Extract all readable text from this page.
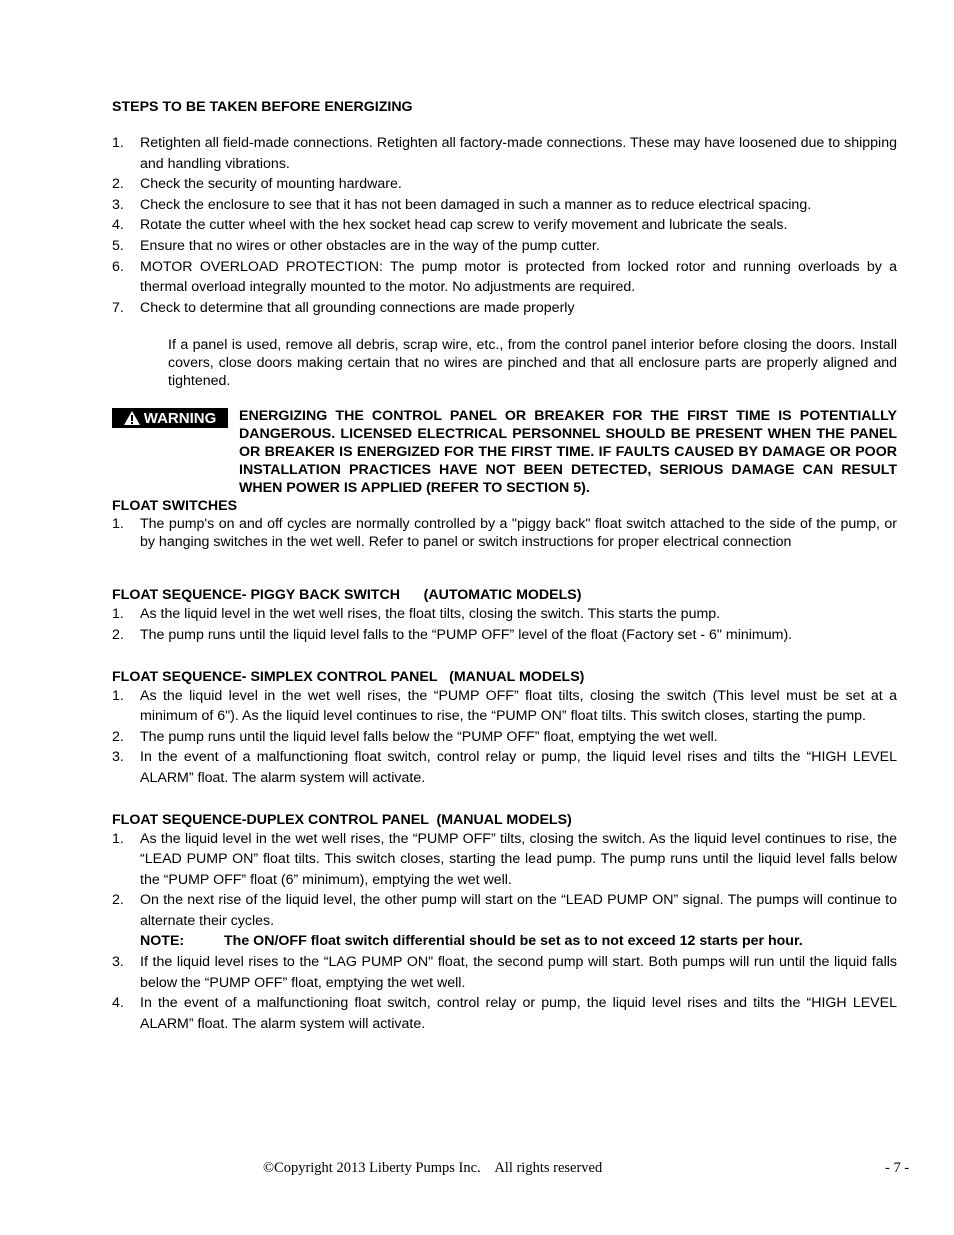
STEPS TO BE TAKEN BEFORE ENERGIZING

1. Retighten all field-made connections. Retighten all factory-made connections. These may have loosened due to shipping and handling vibrations.
2. Check the security of mounting hardware.
3. Check the enclosure to see that it has not been damaged in such a manner as to reduce electrical spacing.
4. Rotate the cutter wheel with the hex socket head cap screw to verify movement and lubricate the seals.
5. Ensure that no wires or other obstacles are in the way of the pump cutter.
6. MOTOR OVERLOAD PROTECTION: The pump motor is protected from locked rotor and running overloads by a thermal overload integrally mounted to the motor. No adjustments are required.
7. Check to determine that all grounding connections are made properly

If a panel is used, remove all debris, scrap wire, etc., from the control panel interior before closing the doors. Install covers, close doors making certain that no wires are pinched and that all enclosure parts are properly aligned and tightened.

WARNING ENERGIZING THE CONTROL PANEL OR BREAKER FOR THE FIRST TIME IS POTENTIALLY DANGEROUS. LICENSED ELECTRICAL PERSONNEL SHOULD BE PRESENT WHEN THE PANEL OR BREAKER IS ENERGIZED FOR THE FIRST TIME. IF FAULTS CAUSED BY DAMAGE OR POOR INSTALLATION PRACTICES HAVE NOT BEEN DETECTED, SERIOUS DAMAGE CAN RESULT WHEN POWER IS APPLIED (REFER TO SECTION 5).

FLOAT SWITCHES

1. The pump's on and off cycles are normally controlled by a "piggy back" float switch attached to the side of the pump, or by hanging switches in the wet well. Refer to panel or switch instructions for proper electrical connection

FLOAT SEQUENCE- PIGGY BACK SWITCH      (AUTOMATIC MODELS)

1. As the liquid level in the wet well rises, the float tilts, closing the switch. This starts the pump.
2. The pump runs until the liquid level falls to the “PUMP OFF” level of the float (Factory set - 6" minimum).

FLOAT SEQUENCE- SIMPLEX CONTROL PANEL   (MANUAL MODELS)

1. As the liquid level in the wet well rises, the “PUMP OFF” float tilts, closing the switch (This level must be set at a minimum of 6"). As the liquid level continues to rise, the “PUMP ON” float tilts. This switch closes, starting the pump.
2. The pump runs until the liquid level falls below the “PUMP OFF” float, emptying the wet well.
3. In the event of a malfunctioning float switch, control relay or pump, the liquid level rises and tilts the “HIGH LEVEL ALARM” float. The alarm system will activate.

FLOAT SEQUENCE-DUPLEX CONTROL PANEL  (MANUAL MODELS)

1. As the liquid level in the wet well rises, the “PUMP OFF” tilts, closing the switch. As the liquid level continues to rise, the “LEAD PUMP ON” float tilts. This switch closes, starting the lead pump. The pump runs until the liquid level falls below the “PUMP OFF” float (6” minimum), emptying the wet well.
2. On the next rise of the liquid level, the other pump will start on the “LEAD PUMP ON” signal. The pumps will continue to alternate their cycles.
NOTE:	The ON/OFF float switch differential should be set as to not exceed 12 starts per hour.
3. If the liquid level rises to the “LAG PUMP ON" float, the second pump will start. Both pumps will run until the liquid falls below the “PUMP OFF” float, emptying the wet well.
4. In the event of a malfunctioning float switch, control relay or pump, the liquid level rises and tilts the “HIGH LEVEL ALARM” float. The alarm system will activate.
©Copyright 2013 Liberty Pumps Inc.    All rights reserved	- 7 -
